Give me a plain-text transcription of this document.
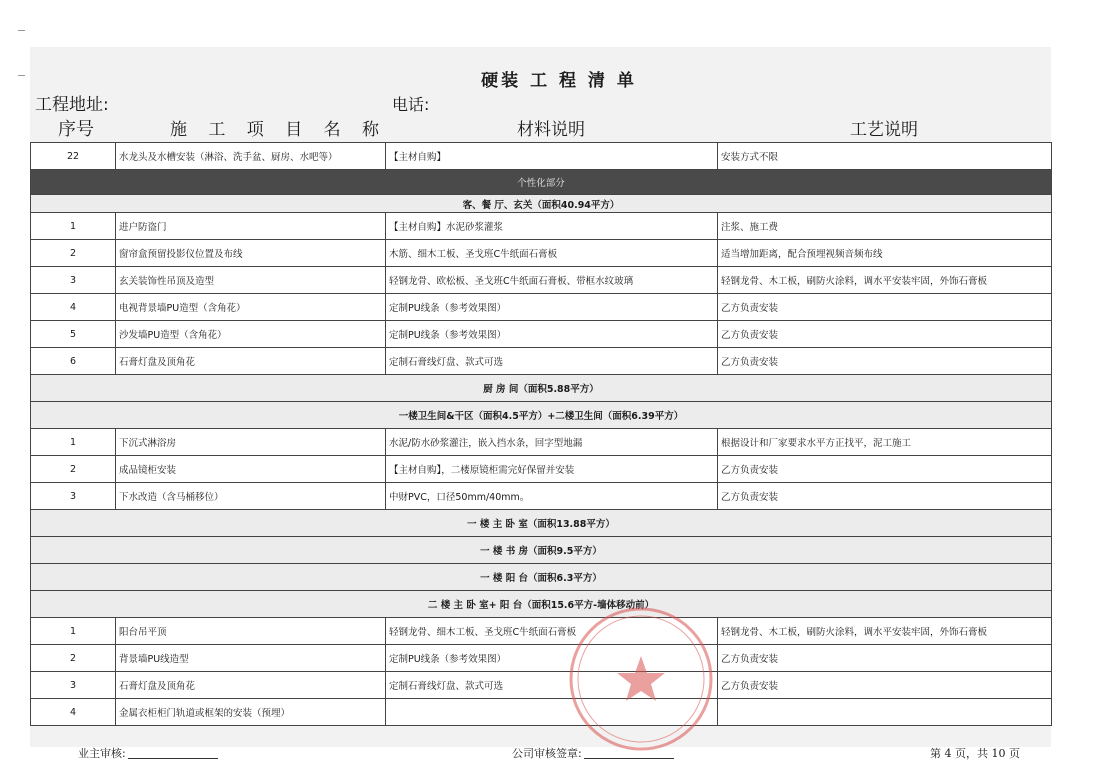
硬装 工 程 清 单
工程地址:	电话:
序号	施 工 项 目 名 称	材料说明	工艺说明
22	水龙头及水槽安装（淋浴、洗手盆、厨房、水吧等）	【主材自购】	安装方式不限
个性化部分			
客、餐 厅、玄关（面积40.94平方）			
1	进户防盗门	【主材自购】水泥砂浆灌浆	注浆、施工费
2	窗帘盒预留投影仪位置及布线	木筋、细木工板、圣戈班C牛纸面石膏板	适当增加距离，配合预埋视频音频布线
3	玄关装饰性吊顶及造型	轻钢龙骨、欧松板、圣戈班C牛纸面石膏板、带框水纹玻璃	轻钢龙骨、木工板，刷防火涂料，调水平安装牢固，外饰石膏板
4	电视背景墙PU造型（含角花）	定制PU线条（参考效果图）	乙方负责安装
5	沙发墙PU造型（含角花）	定制PU线条（参考效果图）	乙方负责安装
6	石膏灯盘及顶角花	定制石膏线灯盘、款式可选	乙方负责安装
厨 房 间（面积5.88平方）			
一楼卫生间&干区（面积4.5平方）+二楼卫生间（面积6.39平方）			
1	下沉式淋浴房	水泥/防水砂浆灌注，嵌入挡水条，回字型地漏	根据设计和厂家要求水平方正找平，泥工施工
2	成品镜柜安装	【主材自购】，二楼原镜柜需完好保留并安装	乙方负责安装
3	下水改造（含马桶移位）	中财PVC，口径50mm/40mm。	乙方负责安装
一 楼 主 卧 室（面积13.88平方）			
一 楼 书 房（面积9.5平方）			
一 楼 阳 台（面积6.3平方）			
二 楼 主 卧 室+ 阳 台（面积15.6平方-墙体移动前）			
1	阳台吊平顶	轻钢龙骨、细木工板、圣戈班C牛纸面石膏板	轻钢龙骨、木工板，刷防火涂料，调水平安装牢固，外饰石膏板
2	背景墙PU线造型	定制PU线条（参考效果图）	乙方负责安装
3	石膏灯盘及顶角花	定制石膏线灯盘、款式可选	乙方负责安装
4	金属衣柜柜门轨道或框架的安装（预埋）		
业主审核:	公司审核签章:	第 4 页，共 10 页
